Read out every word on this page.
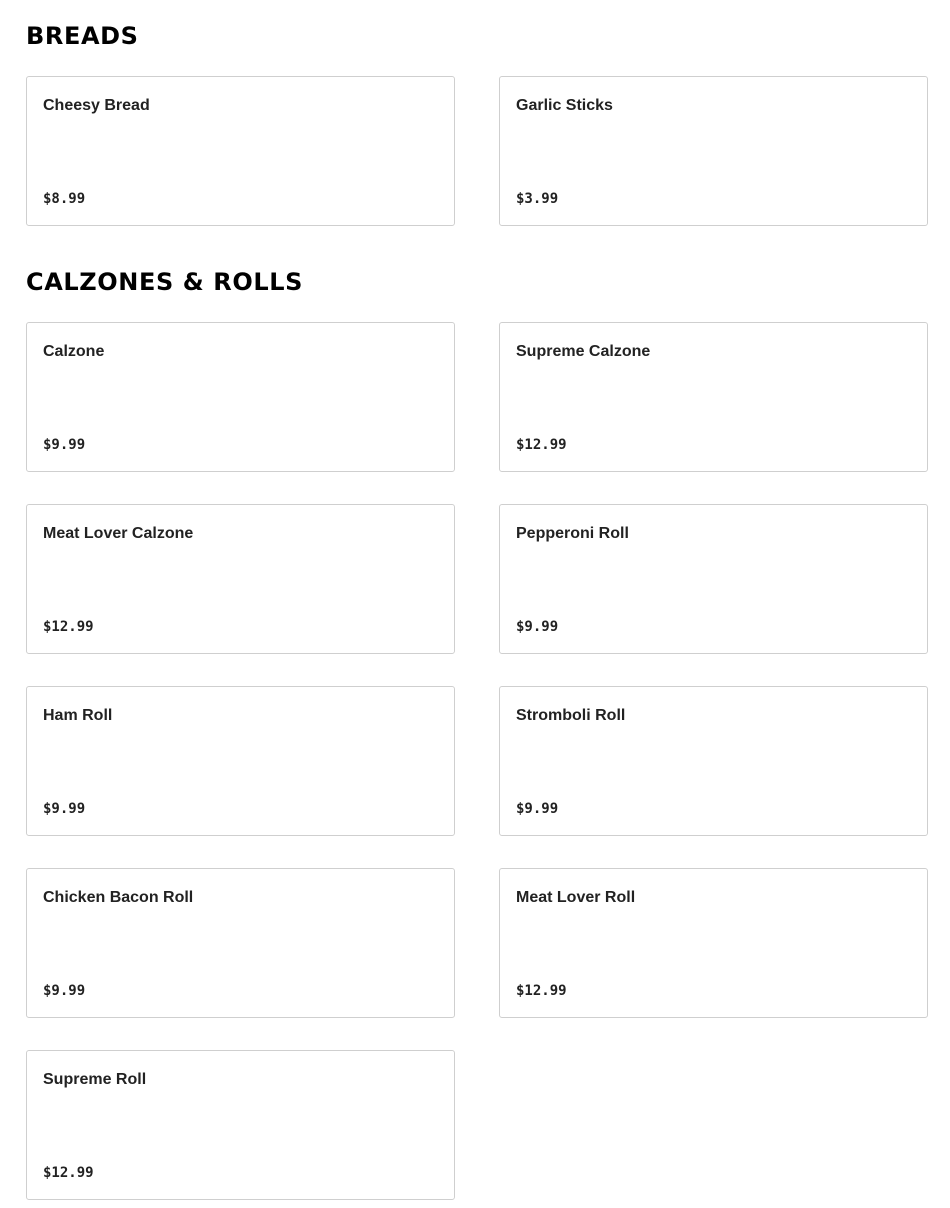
BREADS
Cheesy Bread
$8.99
Garlic Sticks
$3.99
CALZONES & ROLLS
Calzone
$9.99
Supreme Calzone
$12.99
Meat Lover Calzone
$12.99
Pepperoni Roll
$9.99
Ham Roll
$9.99
Stromboli Roll
$9.99
Chicken Bacon Roll
$9.99
Meat Lover Roll
$12.99
Supreme Roll
$12.99
